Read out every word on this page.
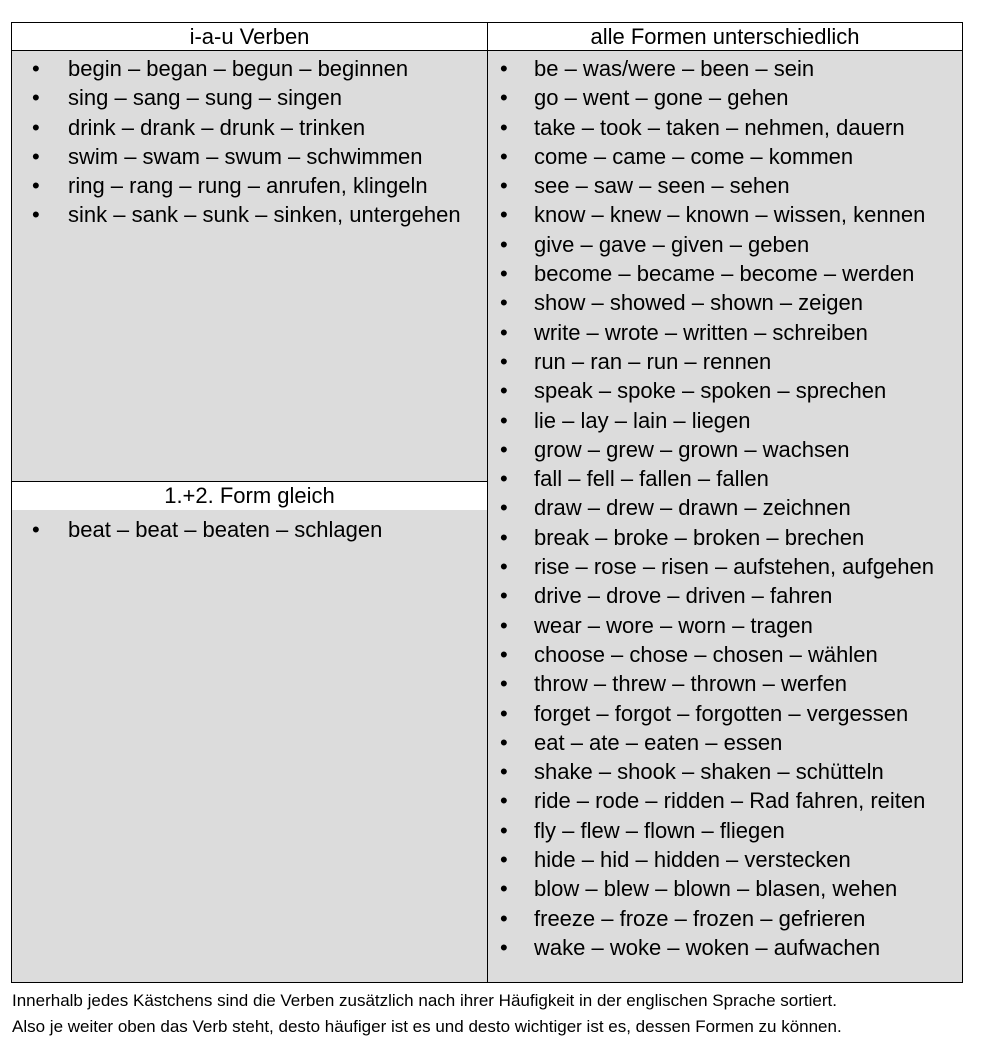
i-a-u Verben
• begin – began – begun – beginnen
• sing – sang – sung – singen
• drink – drank – drunk – trinken
• swim – swam – swum – schwimmen
• ring – rang – rung – anrufen, klingeln
• sink – sank – sunk – sinken, untergehen
1.+2. Form gleich
• beat – beat – beaten – schlagen
alle Formen unterschiedlich
• be – was/were – been – sein
• go – went – gone – gehen
• take – took – taken – nehmen, dauern
• come – came – come – kommen
• see – saw – seen – sehen
• know – knew – known – wissen, kennen
• give – gave – given – geben
• become – became – become – werden
• show – showed – shown – zeigen
• write – wrote – written – schreiben
• run – ran – run – rennen
• speak – spoke – spoken – sprechen
• lie – lay – lain – liegen
• grow – grew – grown – wachsen
• fall – fell – fallen – fallen
• draw – drew – drawn – zeichnen
• break – broke – broken – brechen
• rise – rose – risen – aufstehen, aufgehen
• drive – drove – driven – fahren
• wear – wore – worn – tragen
• choose – chose – chosen – wählen
• throw – threw – thrown – werfen
• forget – forgot – forgotten – vergessen
• eat – ate – eaten – essen
• shake – shook – shaken – schütteln
• ride – rode – ridden – Rad fahren, reiten
• fly – flew – flown – fliegen
• hide – hid – hidden – verstecken
• blow – blew – blown – blasen, wehen
• freeze – froze – frozen – gefrieren
• wake – woke – woken – aufwachen

Innerhalb jedes Kästchens sind die Verben zusätzlich nach ihrer Häufigkeit in der englischen Sprache sortiert.

Also je weiter oben das Verb steht, desto häufiger ist es und desto wichtiger ist es, dessen Formen zu können.
